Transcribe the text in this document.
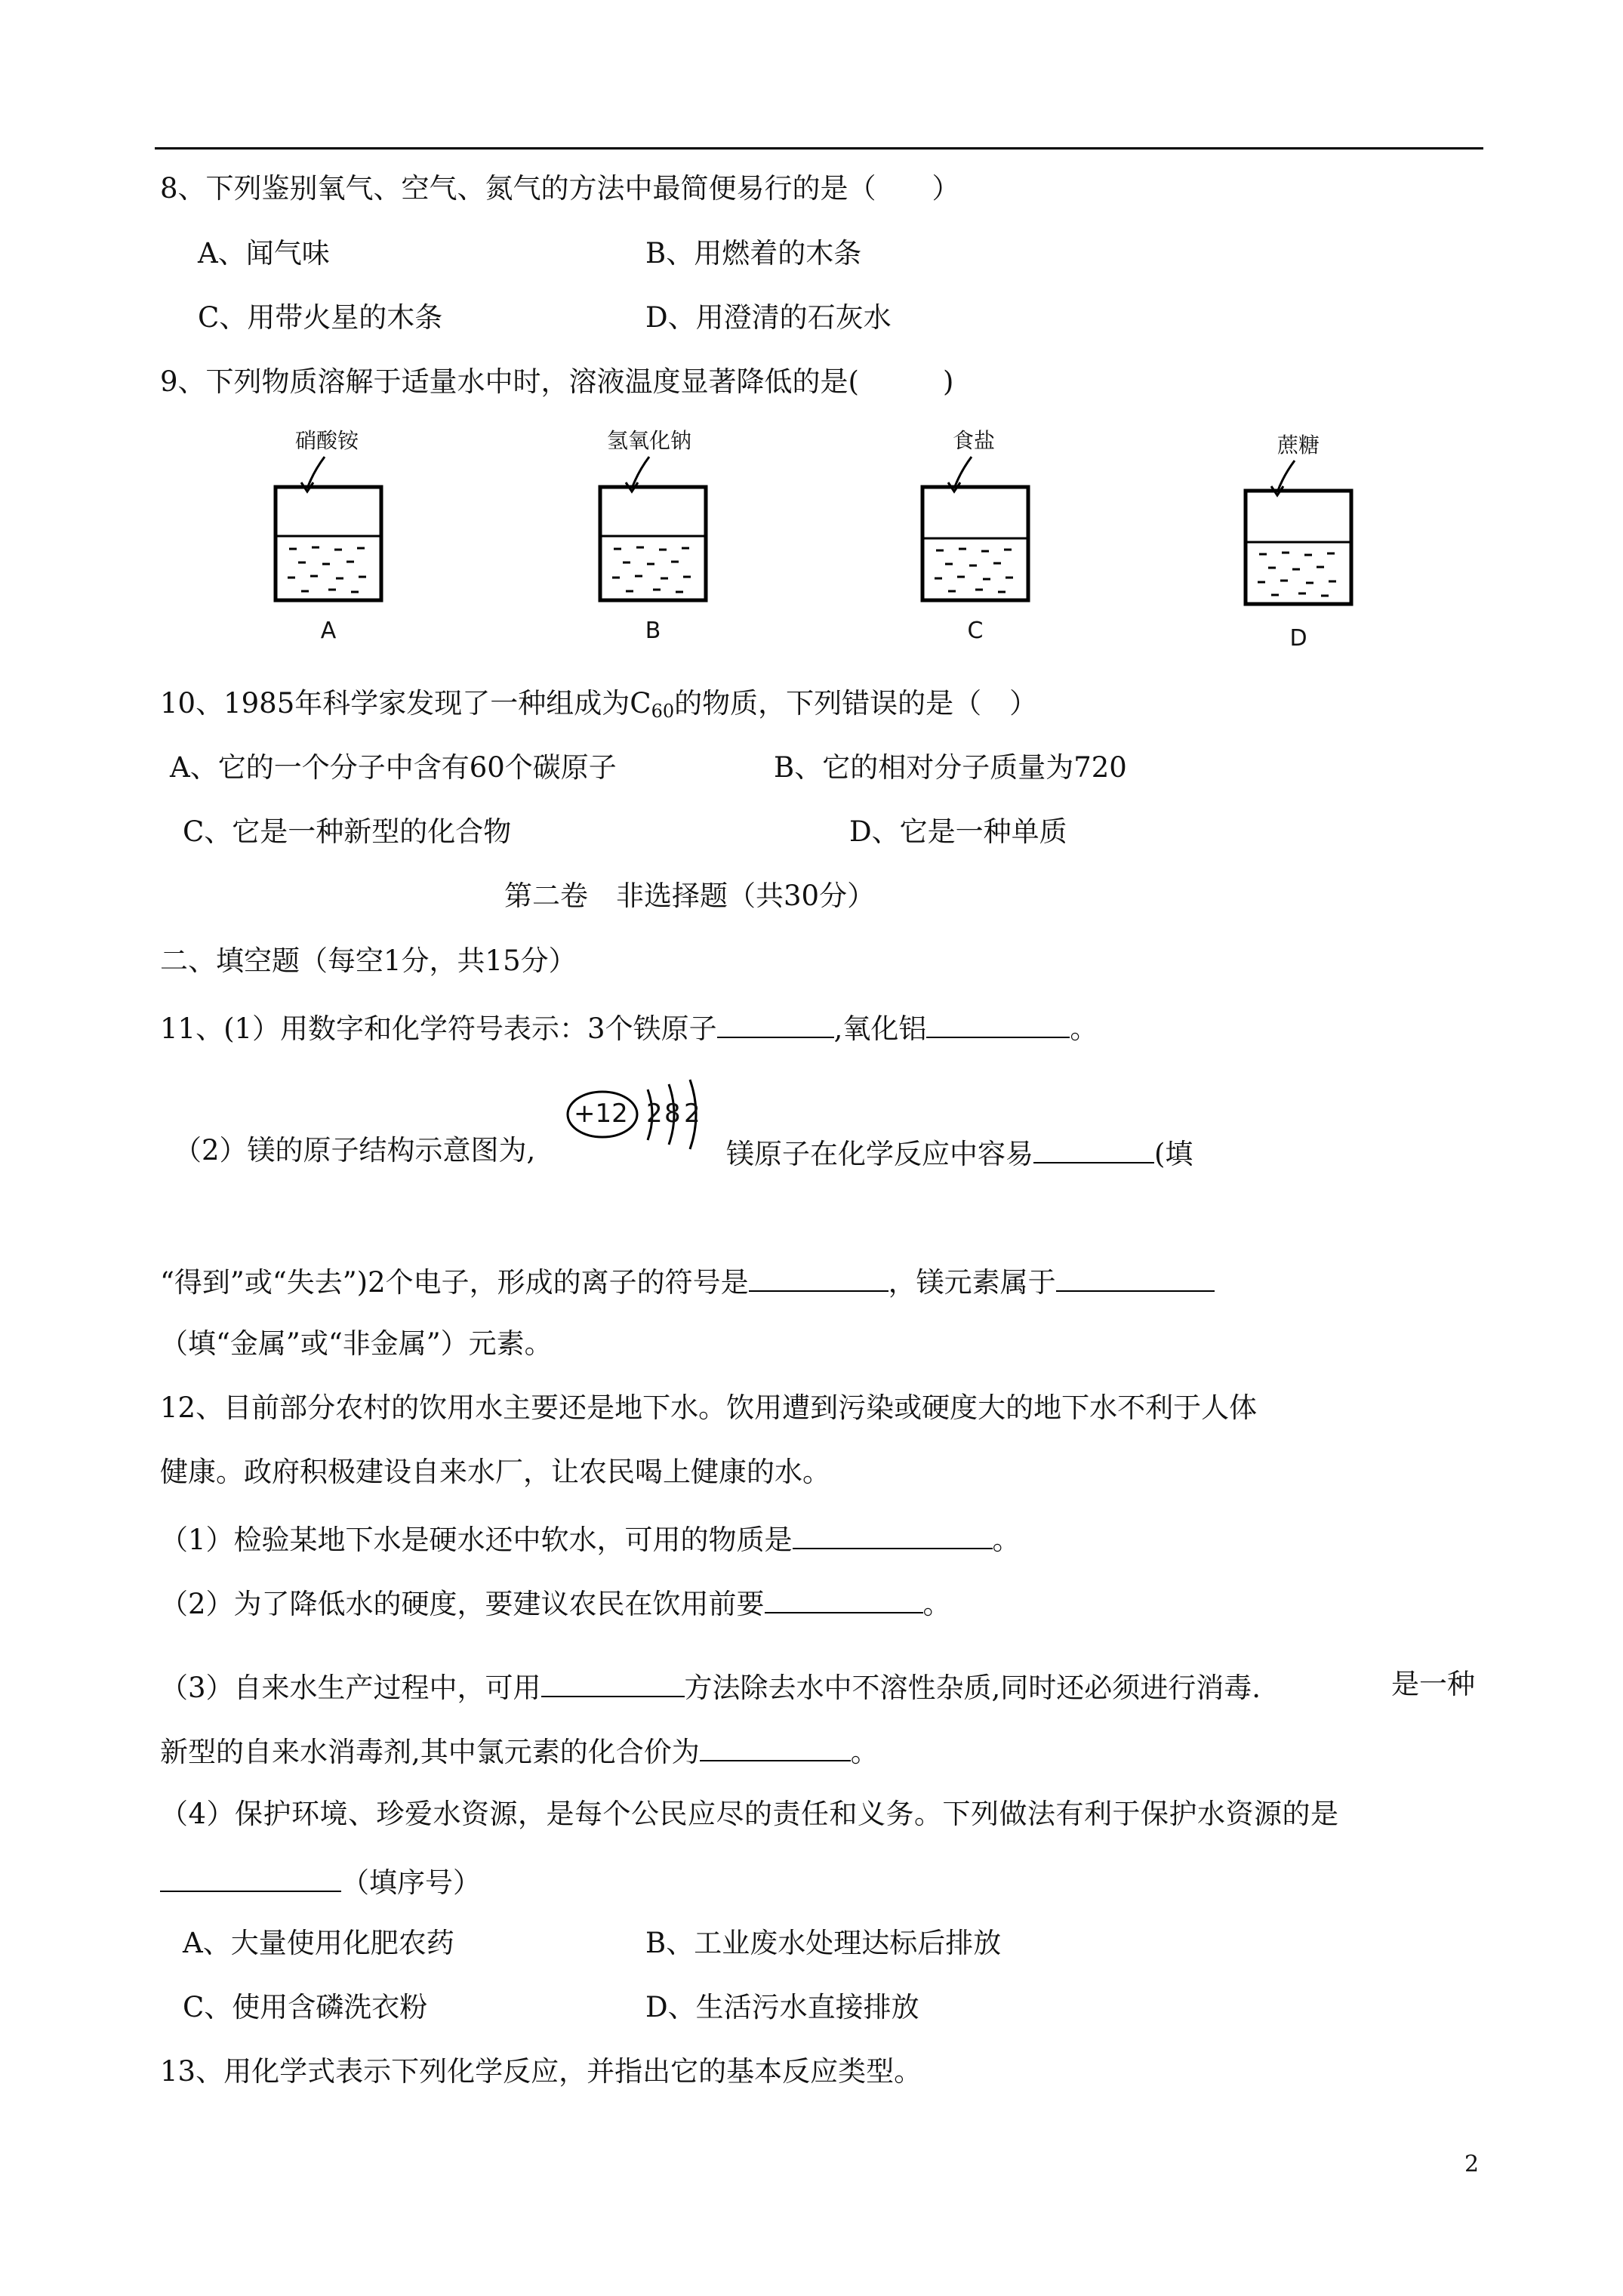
8、下列鉴别氧气、空气、氮气的方法中最简便易行的是（　　）
A、闻气味	B、用燃着的木条
C、用带火星的木条	D、用澄清的石灰水
9、下列物质溶解于适量水中时，溶液温度显著降低的是(　　　)
硝酸铵
A
氢氧化钠
B
食盐
C
蔗糖
D
10、1985年科学家发现了一种组成为$C_{60}$的物质，下列错误的是（　）
A、它的一个分子中含有60个碳原子	B、它的相对分子质量为720
C、它是一种新型的化合物	D、它是一种单质
第二卷　非选择题（共30分）
二、填空题（每空1分，共15分）
11、(1）用数字和化学符号表示：3个铁原子	,氧化铝	。
（2）镁的原子结构示意图为,
+12 2 8 2
镁原子在化学反应中容易	(填
“得到”或“失去”)2个电子，形成的离子的符号是	，镁元素属于
（填“金属”或“非金属”）元素。
12、目前部分农村的饮用水主要还是地下水。饮用遭到污染或硬度大的地下水不利于人体
健康。政府积极建设自来水厂，让农民喝上健康的水。
（1）检验某地下水是硬水还中软水，可用的物质是	。
（2）为了降低水的硬度，要建议农民在饮用前要	。
（3）自来水生产过程中，可用	方法除去水中不溶性杂质,同时还必须进行消毒.	是一种
新型的自来水消毒剂,其中氯元素的化合价为	。
（4）保护环境、珍爱水资源，是每个公民应尽的责任和义务。下列做法有利于保护水资源的是
（填序号）
A、大量使用化肥农药	B、工业废水处理达标后排放
C、使用含磷洗衣粉	D、生活污水直接排放
13、用化学式表示下列化学反应，并指出它的基本反应类型。
2
